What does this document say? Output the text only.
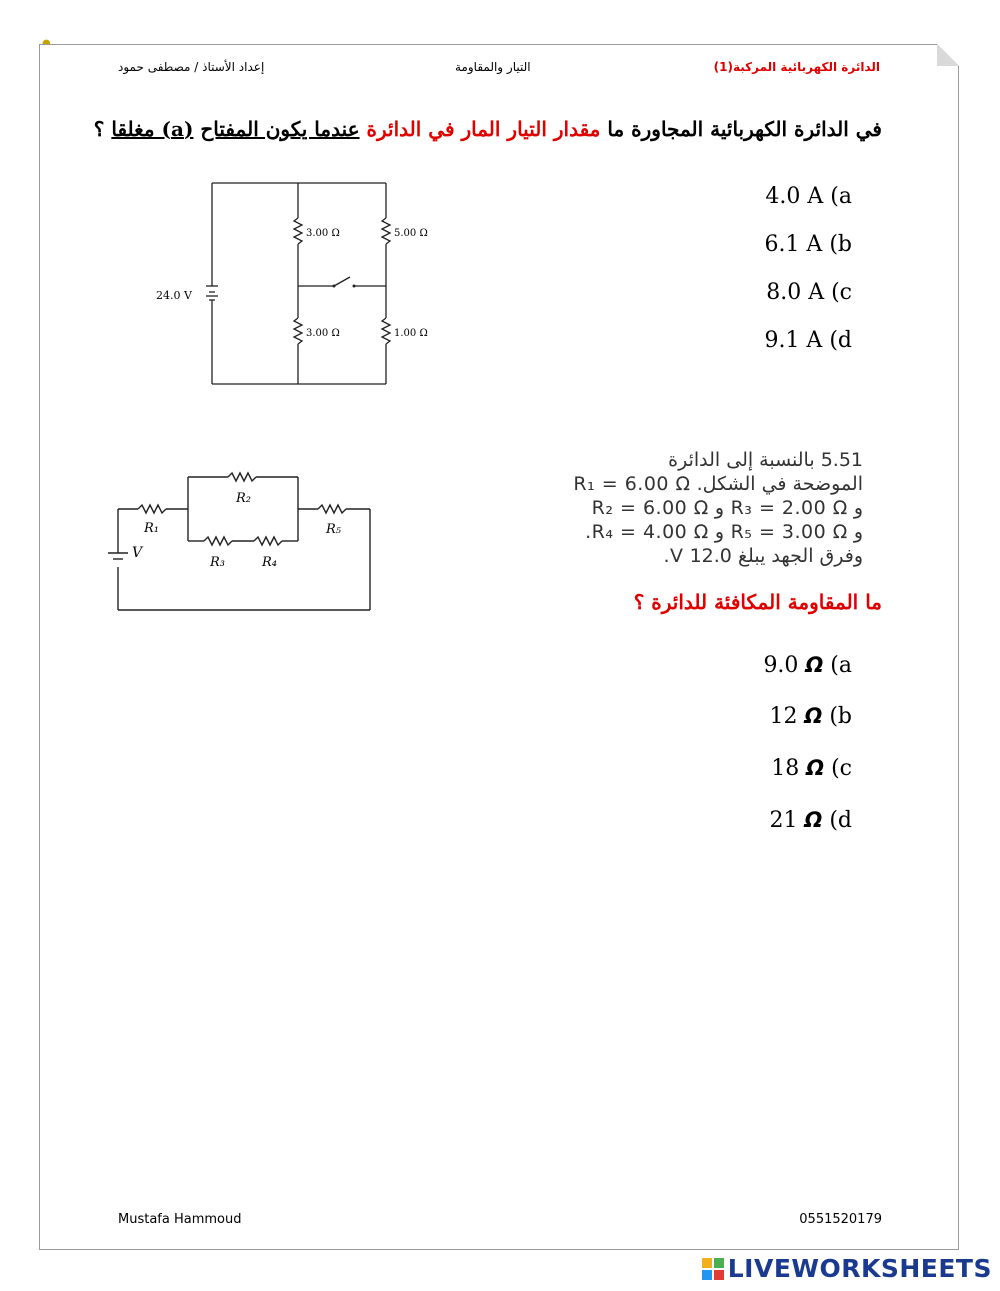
إعداد الأستاذ / مصطفى حمود	التيار والمقاومة	الدائرة الكهربائية المركبة(1)
في الدائرة الكهربائية المجاورة ما مقدار التيار المار في الدائرة عندما يكون المفتاح (a) مغلقا ؟
24.0 V
3.00 Ω	5.00 Ω
3.00 Ω	1.00 Ω
4.0 A (a
6.1 A (b
8.0 A (c
9.1 A (d
5.51 بالنسبة إلى الدائرة
الموضحة في الشكل. R₁ = 6.00 Ω
و R₃ = 2.00 Ω و R₂ = 6.00 Ω
و R₅ = 3.00 Ω و R₄ = 4.00 Ω.
وفرق الجهد يبلغ 12.0 V.
V
R₁
R₂
R₃	R₄
R₅
ما المقاومة المكافئة للدائرة ؟
9.0 Ω (a
12 Ω (b
18 Ω (c
21 Ω (d
Mustafa Hammoud	0551520179
LIVEWORKSHEETS
